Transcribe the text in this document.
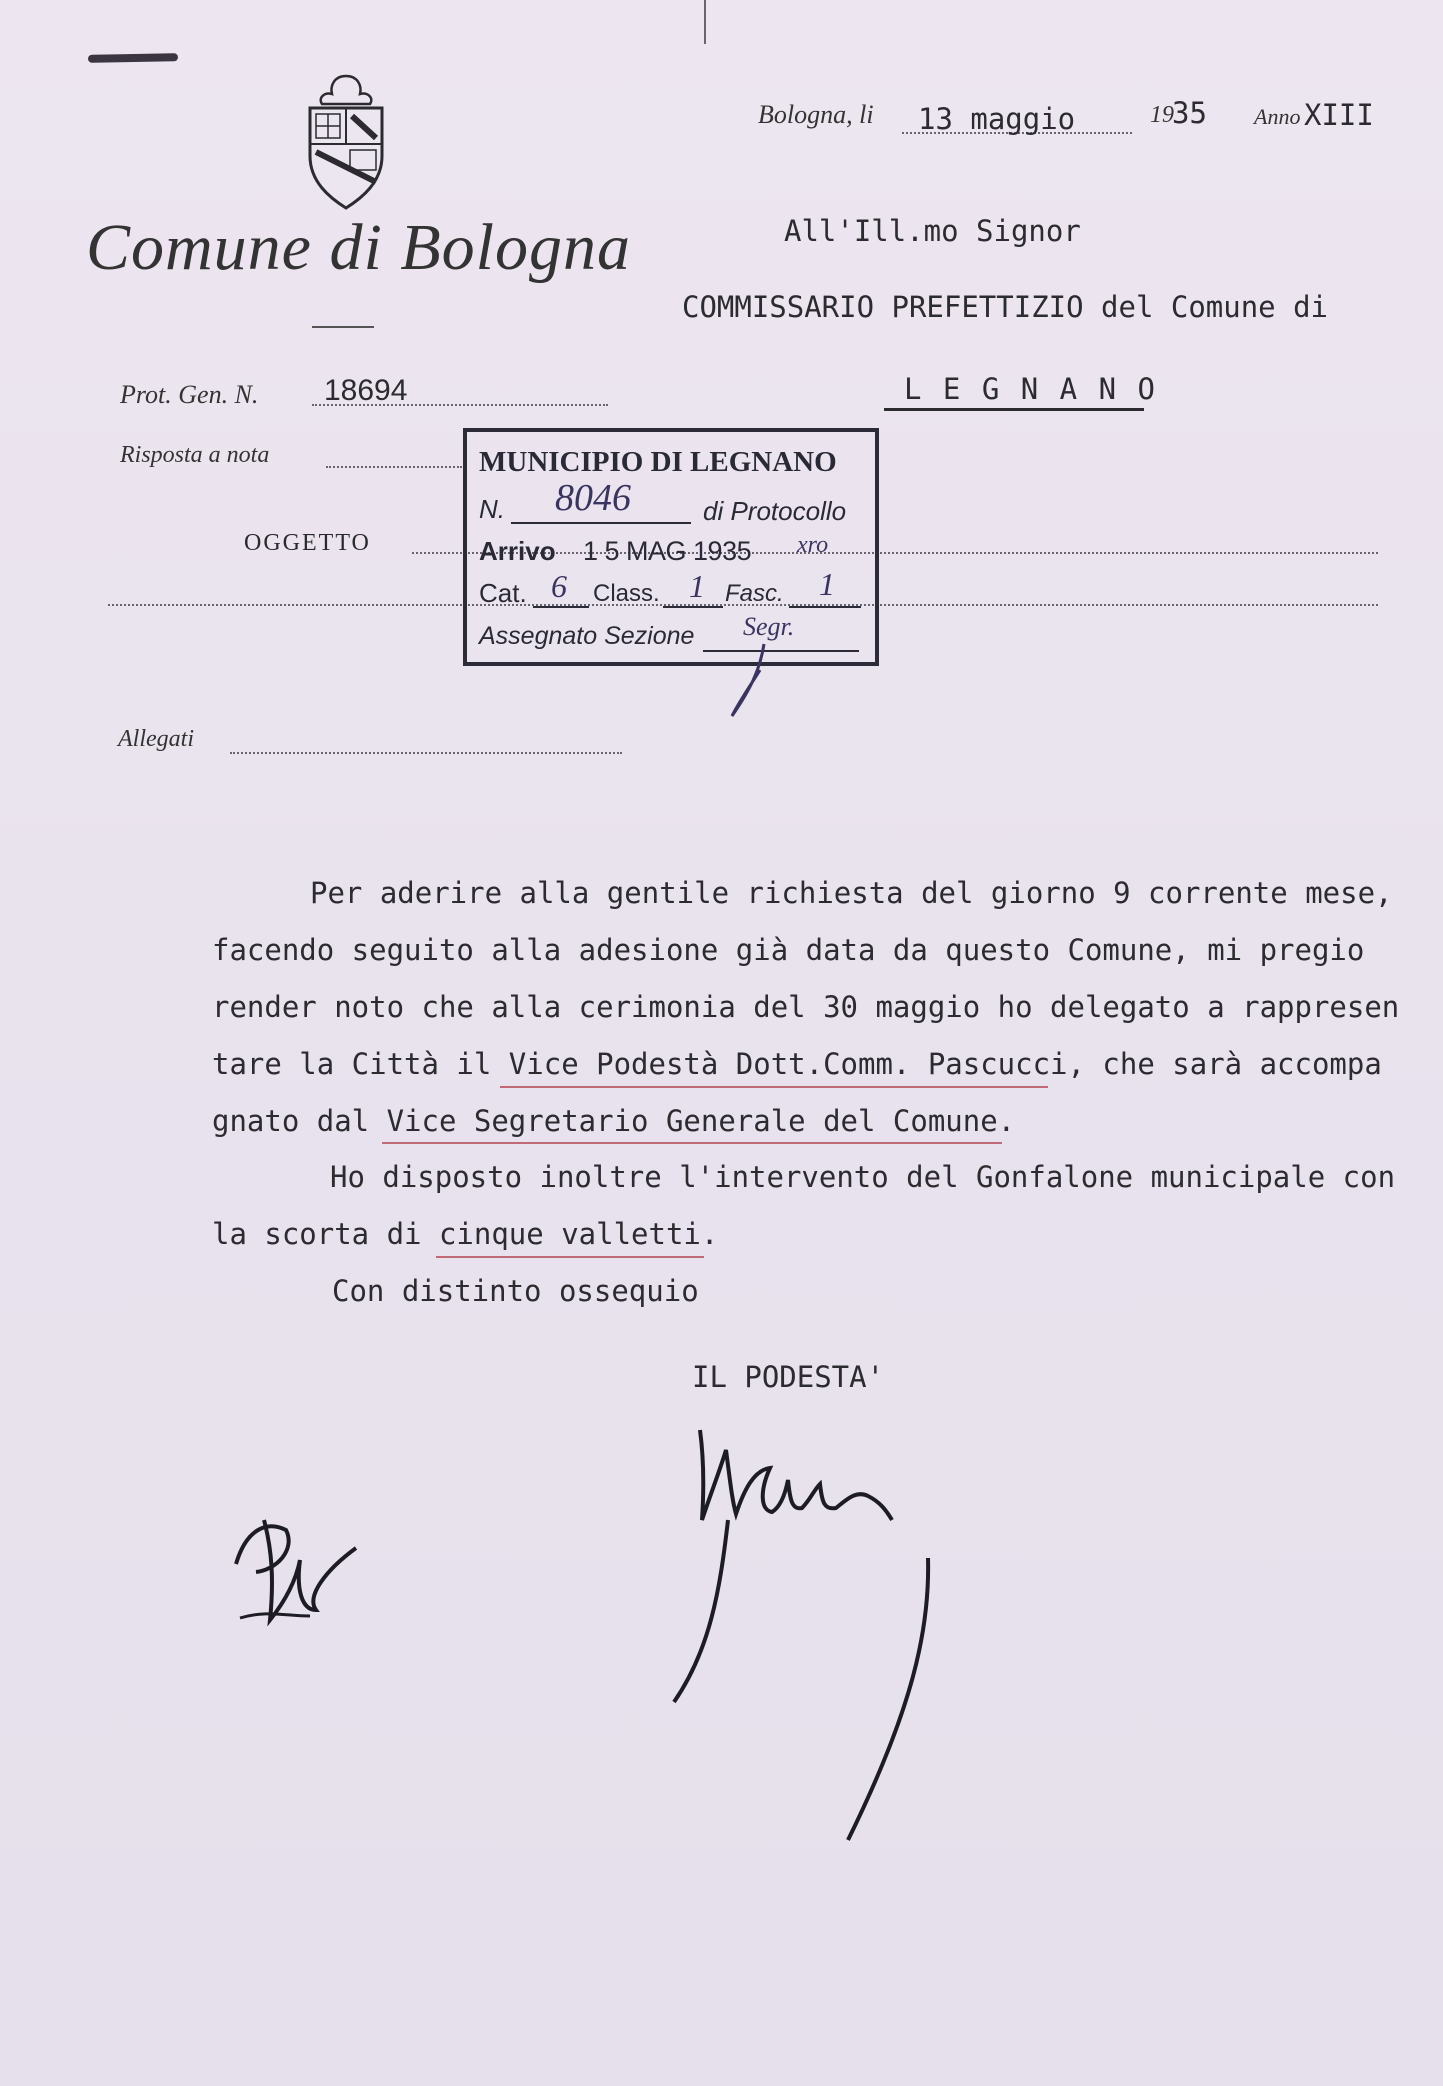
Comune di Bologna
Bologna, li 13 maggio	19
35 Anno XIII
All'Ill.mo Signor
COMMISSARIO PREFETTIZIO del Comune di
L E G N A N O
Prot. Gen. N. 18694
Risposta a nota
OGGETTO
Allegati
MUNICIPIO DI LEGNANO
N. 8046	di Protocollo
Arrivo 1 5 MAG 1935 xro
Cat. 6 Class. 1 Fasc. 1
Assegnato Sezione Segr.
Per aderire alla gentile richiesta del giorno 9 corrente mese,
facendo seguito alla adesione già data da questo Comune, mi pregio
render noto che alla cerimonia del 30 maggio ho delegato a rappresen
tare la Città il Vice Podestà Dott.Comm. Pascucci, che sarà accompa
gnato dal Vice Segretario Generale del Comune.
Ho disposto inoltre l'intervento del Gonfalone municipale con
la scorta di cinque valletti.
Con distinto ossequio
IL PODESTA'
